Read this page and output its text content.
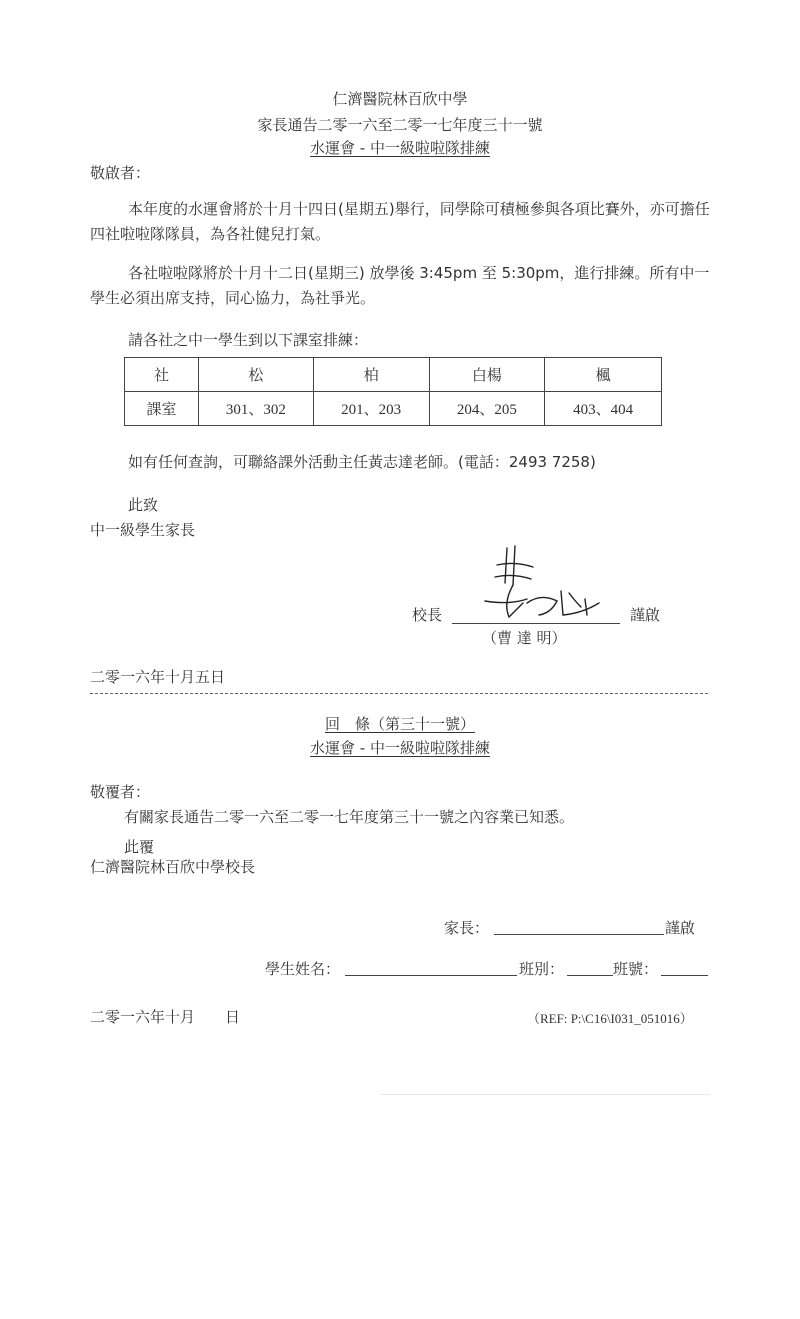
仁濟醫院林百欣中學
家長通告二零一六至二零一七年度三十一號
水運會 - 中一級啦啦隊排練
敬啟者：
本年度的水運會將於十月十四日(星期五)舉行，同學除可積極參與各項比賽外，亦可擔任四社啦啦隊隊員，為各社健兒打氣。
各社啦啦隊將於十月十二日(星期三) 放學後 3:45pm 至 5:30pm，進行排練。所有中一學生必須出席支持，同心協力，為社爭光。
請各社之中一學生到以下課室排練：
社	松	柏	白楊	楓
課室	301、302	201、203	204、205	403、404
如有任何查詢，可聯絡課外活動主任黃志達老師。(電話：2493 7258)
此致
中一級學生家長
校長	謹啟
（曹 達 明）
二零一六年十月五日
回　條（第三十一號）
水運會 - 中一級啦啦隊排練
敬覆者：
有關家長通告二零一六至二零一七年度第三十一號之內容業已知悉。
此覆
仁濟醫院林百欣中學校長
家長：	謹啟
學生姓名：	班別：	班號：
二零一六年十月　　日	（REF: P:\C16\I031_051016）
